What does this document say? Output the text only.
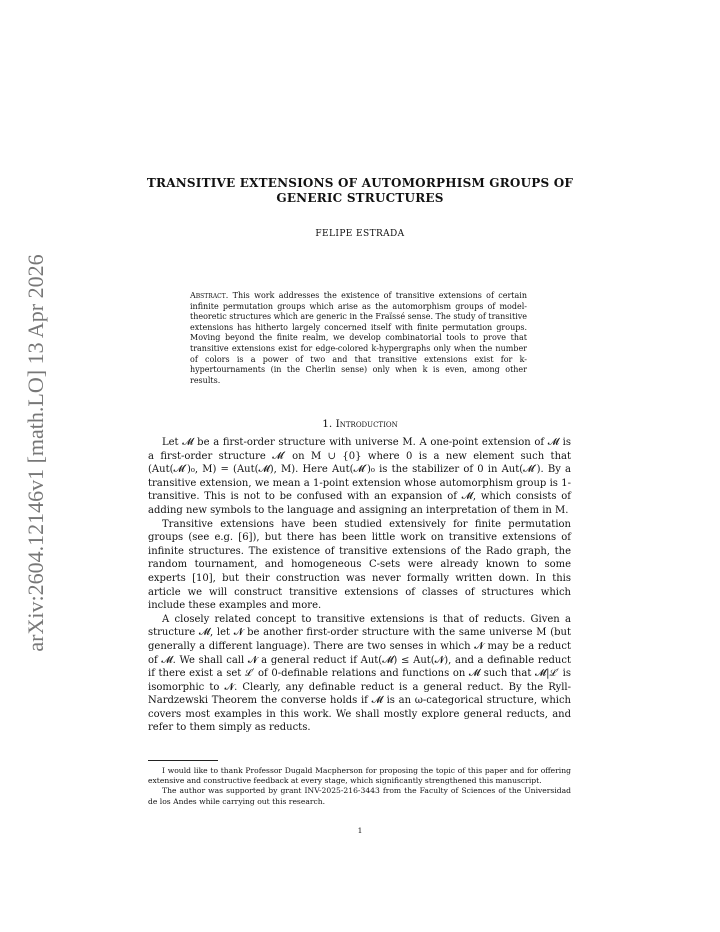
arXiv:2604.12146v1 [math.LO] 13 Apr 2026
TRANSITIVE EXTENSIONS OF AUTOMORPHISM GROUPS OF GENERIC STRUCTURES
FELIPE ESTRADA
Abstract. This work addresses the existence of transitive extensions of certain infinite permutation groups which arise as the automorphism groups of model-theoretic structures which are generic in the Fraïssé sense. The study of transitive extensions has hitherto largely concerned itself with finite permutation groups. Moving beyond the finite realm, we develop combinatorial tools to prove that transitive extensions exist for edge-colored k-hypergraphs only when the number of colors is a power of two and that transitive extensions exist for k-hypertournaments (in the Cherlin sense) only when k is even, among other results.
1. Introduction

Let 𝓜 be a first-order structure with universe M. A one-point extension of 𝓜 is a first-order structure 𝓜′ on M ∪ {0} where 0 is a new element such that (Aut(𝓜′)₀, M) = (Aut(𝓜), M). Here Aut(𝓜′)₀ is the stabilizer of 0 in Aut(𝓜′). By a transitive extension, we mean a 1-point extension whose automorphism group is 1-transitive. This is not to be confused with an expansion of 𝓜, which consists of adding new symbols to the language and assigning an interpretation of them in M.

Transitive extensions have been studied extensively for finite permutation groups (see e.g. [6]), but there has been little work on transitive extensions of infinite structures. The existence of transitive extensions of the Rado graph, the random tournament, and homogeneous C-sets were already known to some experts [10], but their construction was never formally written down. In this article we will construct transitive extensions of classes of structures which include these examples and more.

A closely related concept to transitive extensions is that of reducts. Given a structure 𝓜, let 𝓝 be another first-order structure with the same universe M (but generally a different language). There are two senses in which 𝓝 may be a reduct of 𝓜. We shall call 𝓝 a general reduct if Aut(𝓜) ≤ Aut(𝓝), and a definable reduct if there exist a set ℒ′ of 0-definable relations and functions on 𝓜 such that 𝓜|ℒ′ is isomorphic to 𝓝. Clearly, any definable reduct is a general reduct. By the Ryll-Nardzewski Theorem the converse holds if 𝓜 is an ω-categorical structure, which covers most examples in this work. We shall mostly explore general reducts, and refer to them simply as reducts.

I would like to thank Professor Dugald Macpherson for proposing the topic of this paper and for offering extensive and constructive feedback at every stage, which significantly strengthened this manuscript.

The author was supported by grant INV-2025-216-3443 from the Faculty of Sciences of the Universidad de los Andes while carrying out this research.

1
